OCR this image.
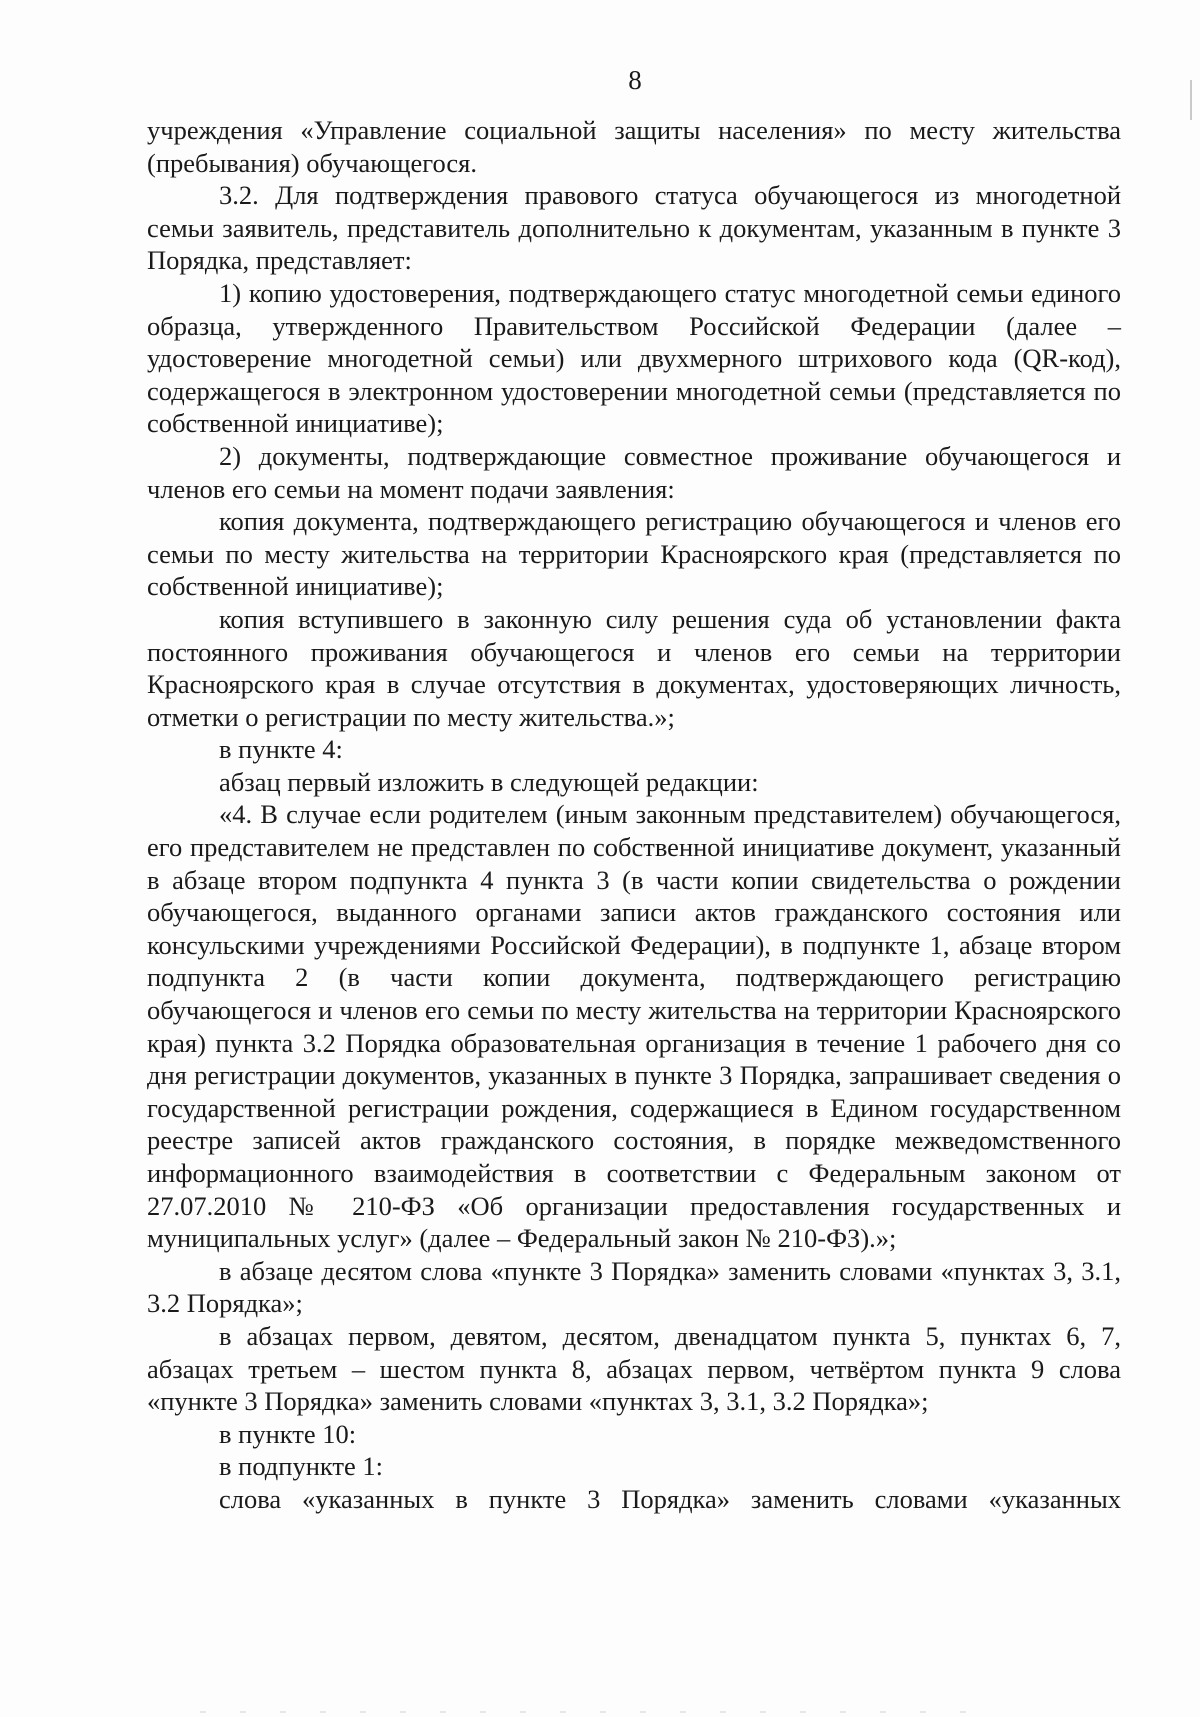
8

учреждения «Управление социальной защиты населения» по месту жительства (пребывания) обучающегося.

3.2. Для подтверждения правового статуса обучающегося из многодетной семьи заявитель, представитель дополнительно к документам, указанным в пункте 3 Порядка, представляет:

1) копию удостоверения, подтверждающего статус многодетной семьи единого образца, утвержденного Правительством Российской Федерации (далее – удостоверение многодетной семьи) или двухмерного штрихового кода (QR-код), содержащегося в электронном удостоверении многодетной семьи (представляется по собственной инициативе);

2) документы, подтверждающие совместное проживание обучающегося и членов его семьи на момент подачи заявления:

копия документа, подтверждающего регистрацию обучающегося и членов его семьи по месту жительства на территории Красноярского края (представляется по собственной инициативе);

копия вступившего в законную силу решения суда об установлении факта постоянного проживания обучающегося и членов его семьи на территории Красноярского края в случае отсутствия в документах, удостоверяющих личность, отметки о регистрации по месту жительства.»;

в пункте 4:

абзац первый изложить в следующей редакции:

«4. В случае если родителем (иным законным представителем) обучающегося, его представителем не представлен по собственной инициативе документ, указанный в абзаце втором подпункта 4 пункта 3 (в части копии свидетельства о рождении обучающегося, выданного органами записи актов гражданского состояния или консульскими учреждениями Российской Федерации), в подпункте 1, абзаце втором подпункта 2 (в части копии документа, подтверждающего регистрацию обучающегося и членов его семьи по месту жительства на территории Красноярского края) пункта 3.2 Порядка образовательная организация в течение 1 рабочего дня со дня регистрации документов, указанных в пункте 3 Порядка, запрашивает сведения о государственной регистрации рождения, содержащиеся в Едином государственном реестре записей актов гражданского состояния, в порядке межведомственного информационного взаимодействия в соответствии с Федеральным законом от 27.07.2010 № 210-ФЗ «Об организации предоставления государственных и муниципальных услуг» (далее – Федеральный закон № 210-ФЗ).»;

в абзаце десятом слова «пункте 3 Порядка» заменить словами «пунктах 3, 3.1, 3.2 Порядка»;

в абзацах первом, девятом, десятом, двенадцатом пункта 5, пунктах 6, 7, абзацах третьем – шестом пункта 8, абзацах первом, четвёртом пункта 9 слова «пункте 3 Порядка» заменить словами «пунктах 3, 3.1, 3.2 Порядка»;

в пункте 10:

в подпункте 1:

слова «указанных в пункте 3 Порядка» заменить словами «указанных
